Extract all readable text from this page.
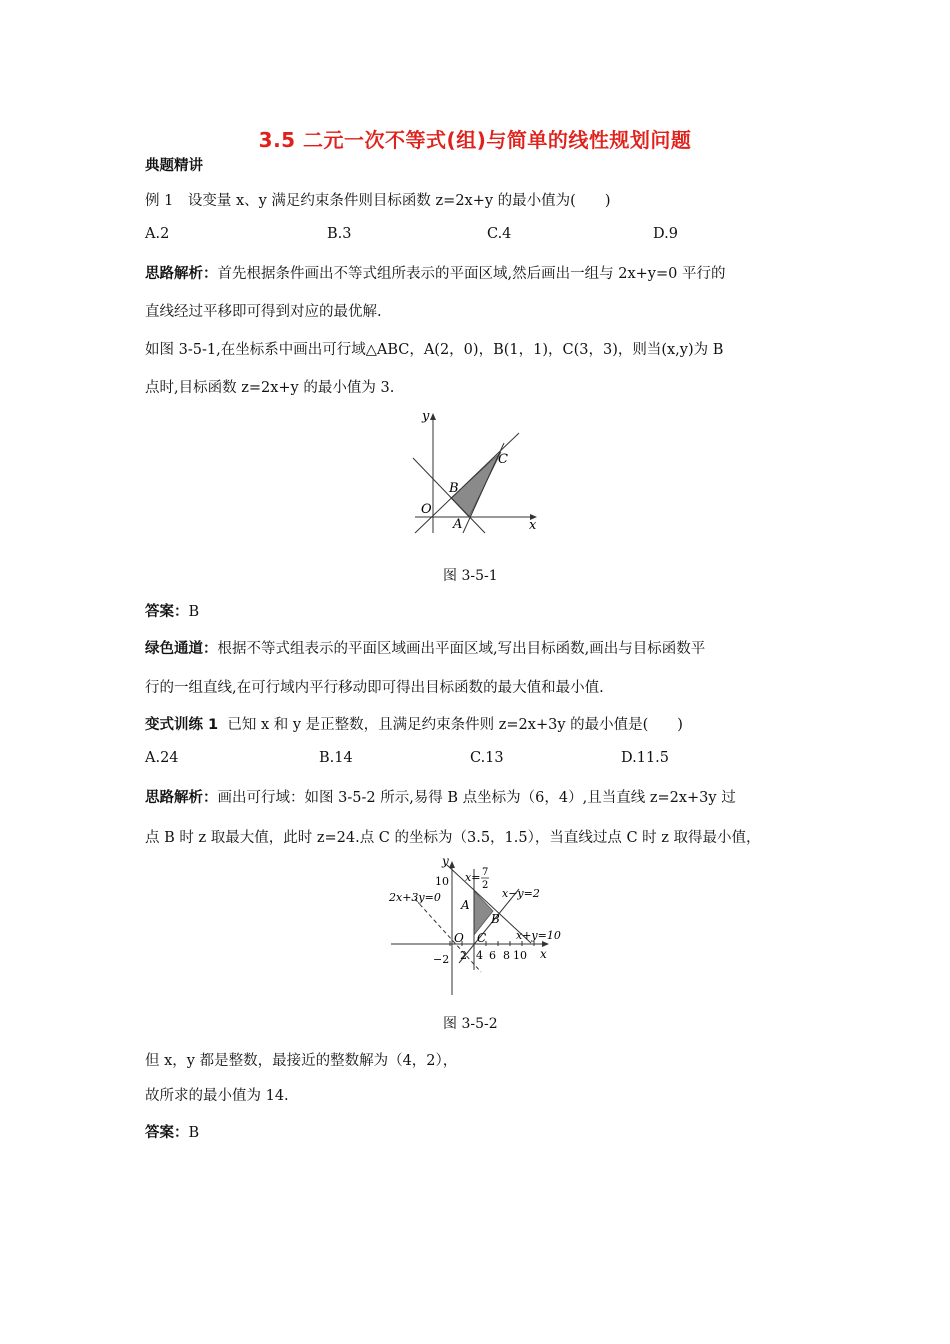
3.5 二元一次不等式(组)与简单的线性规划问题
典题精讲
例 1　设变量 x、y 满足约束条件则目标函数 z=2x+y 的最小值为(　　)
A.2	B.3	C.4	D.9
思路解析：首先根据条件画出不等式组所表示的平面区域,然后画出一组与 2x+y=0 平行的
直线经过平移即可得到对应的最优解.
如图 3-5-1,在坐标系中画出可行域△ABC，A(2，0)，B(1，1)，C(3，3)，则当(x,y)为 B
点时,目标函数 z=2x+y 的最小值为 3.
y
x
O
A
B
C
图 3-5-1
答案：B
绿色通道：根据不等式组表示的平面区域画出平面区域,写出目标函数,画出与目标函数平
行的一组直线,在可行域内平行移动即可得出目标函数的最大值和最小值.
变式训练 1 已知 x 和 y 是正整数，且满足约束条件则 z=2x+3y 的最小值是(　　)
A.24	B.14	C.13	D.11.5
思路解析：画出可行域：如图 3-5-2 所示,易得 B 点坐标为（6，4）,且当直线 z=2x+3y 过
点 B 时 z 取最大值，此时 z=24.点 C 的坐标为（3.5，1.5），当直线过点 C 时 z 取得最小值，
y
10 x= 7
2
x−y=2
2x+3y=0
A
B
C
O	x+y=10
−2 2 4 6 8 10 x
图 3-5-2
但 x，y 都是整数，最接近的整数解为（4，2），
故所求的最小值为 14.
答案：B
